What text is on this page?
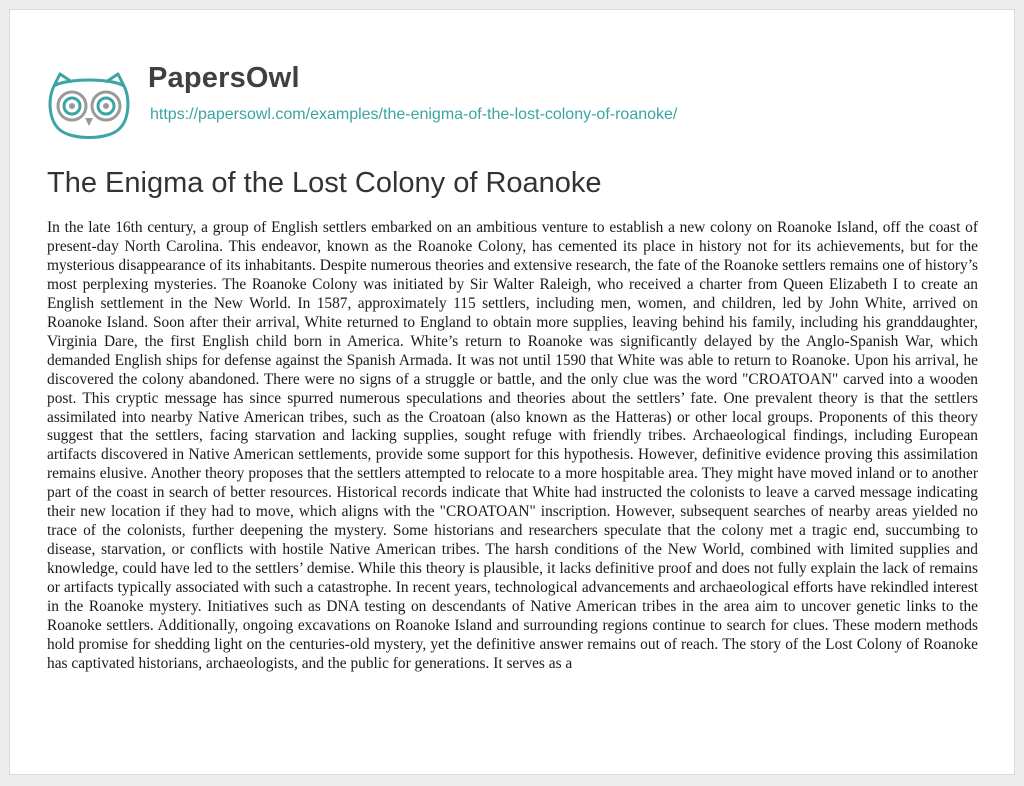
PapersOwl
https://papersowl.com/examples/the-enigma-of-the-lost-colony-of-roanoke/
The Enigma of the Lost Colony of Roanoke

In the late 16th century, a group of English settlers embarked on an ambitious venture to establish a new colony on Roanoke Island, off the coast of present-day North Carolina. This endeavor, known as the Roanoke Colony, has cemented its place in history not for its achievements, but for the mysterious disappearance of its inhabitants. Despite numerous theories and extensive research, the fate of the Roanoke settlers remains one of history’s most perplexing mysteries. The Roanoke Colony was initiated by Sir Walter Raleigh, who received a charter from Queen Elizabeth I to create an English settlement in the New World. In 1587, approximately 115 settlers, including men, women, and children, led by John White, arrived on Roanoke Island. Soon after their arrival, White returned to England to obtain more supplies, leaving behind his family, including his granddaughter, Virginia Dare, the first English child born in America. White’s return to Roanoke was significantly delayed by the Anglo-Spanish War, which demanded English ships for defense against the Spanish Armada. It was not until 1590 that White was able to return to Roanoke. Upon his arrival, he discovered the colony abandoned. There were no signs of a struggle or battle, and the only clue was the word "CROATOAN" carved into a wooden post. This cryptic message has since spurred numerous speculations and theories about the settlers’ fate. One prevalent theory is that the settlers assimilated into nearby Native American tribes, such as the Croatoan (also known as the Hatteras) or other local groups. Proponents of this theory suggest that the settlers, facing starvation and lacking supplies, sought refuge with friendly tribes. Archaeological findings, including European artifacts discovered in Native American settlements, provide some support for this hypothesis. However, definitive evidence proving this assimilation remains elusive. Another theory proposes that the settlers attempted to relocate to a more hospitable area. They might have moved inland or to another part of the coast in search of better resources. Historical records indicate that White had instructed the colonists to leave a carved message indicating their new location if they had to move, which aligns with the "CROATOAN" inscription. However, subsequent searches of nearby areas yielded no trace of the colonists, further deepening the mystery. Some historians and researchers speculate that the colony met a tragic end, succumbing to disease, starvation, or conflicts with hostile Native American tribes. The harsh conditions of the New World, combined with limited supplies and knowledge, could have led to the settlers’ demise. While this theory is plausible, it lacks definitive proof and does not fully explain the lack of remains or artifacts typically associated with such a catastrophe. In recent years, technological advancements and archaeological efforts have rekindled interest in the Roanoke mystery. Initiatives such as DNA testing on descendants of Native American tribes in the area aim to uncover genetic links to the Roanoke settlers. Additionally, ongoing excavations on Roanoke Island and surrounding regions continue to search for clues. These modern methods hold promise for shedding light on the centuries-old mystery, yet the definitive answer remains out of reach. The story of the Lost Colony of Roanoke has captivated historians, archaeologists, and the public for generations. It serves as a
